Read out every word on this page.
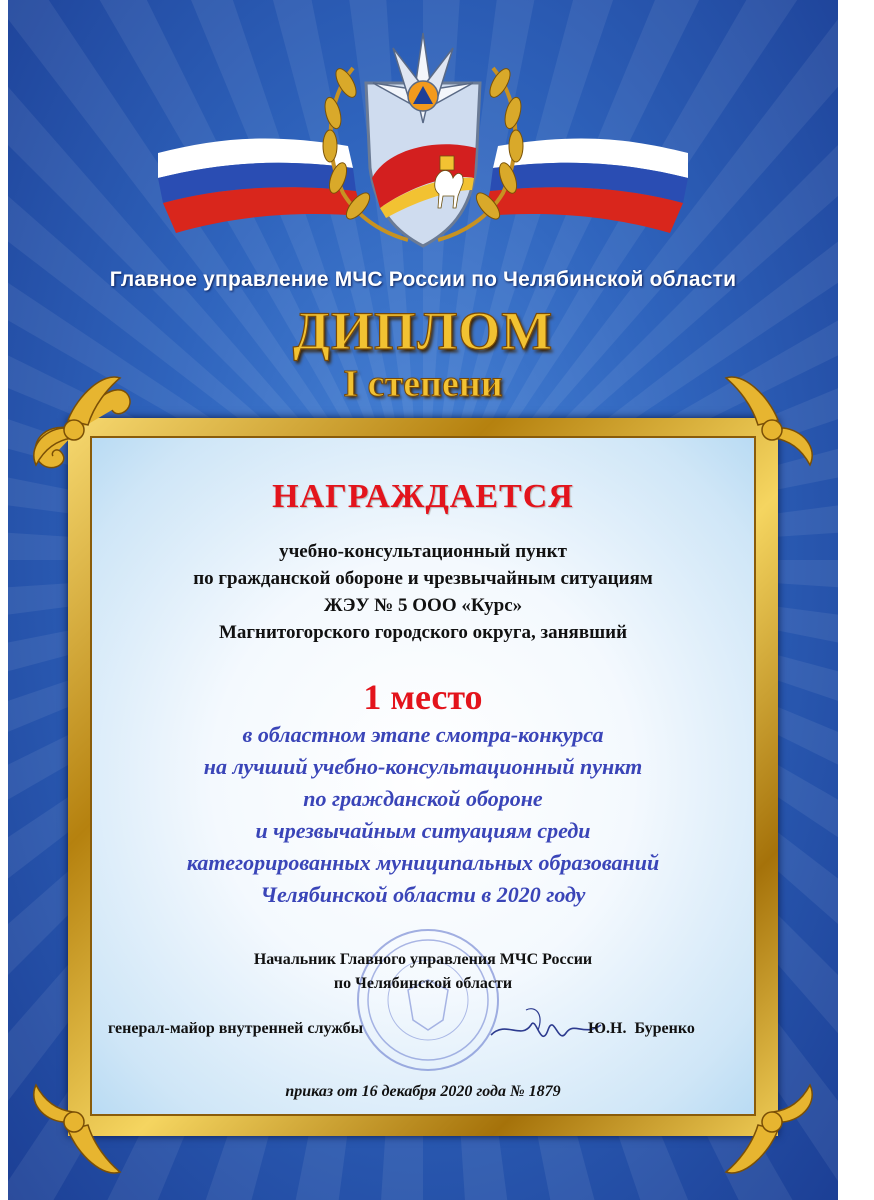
Главное управление МЧС России по Челябинской области
ДИПЛОМ
I степени
НАГРАЖДАЕТСЯ
учебно-консультационный пункт
по гражданской обороне и чрезвычайным ситуациям
ЖЭУ № 5 ООО «Курс»
Магнитогорского городского округа, занявший
1 место
в областном этапе смотра-конкурса
на лучший учебно-консультационный пункт
по гражданской обороне
и чрезвычайным ситуациям среди
категорированных муниципальных образований
Челябинской области в 2020 году
Начальник Главного управления МЧС России
по Челябинской области
генерал-майор внутренней службы	Ю.Н.  Буренко
приказ от 16 декабря 2020 года № 1879
